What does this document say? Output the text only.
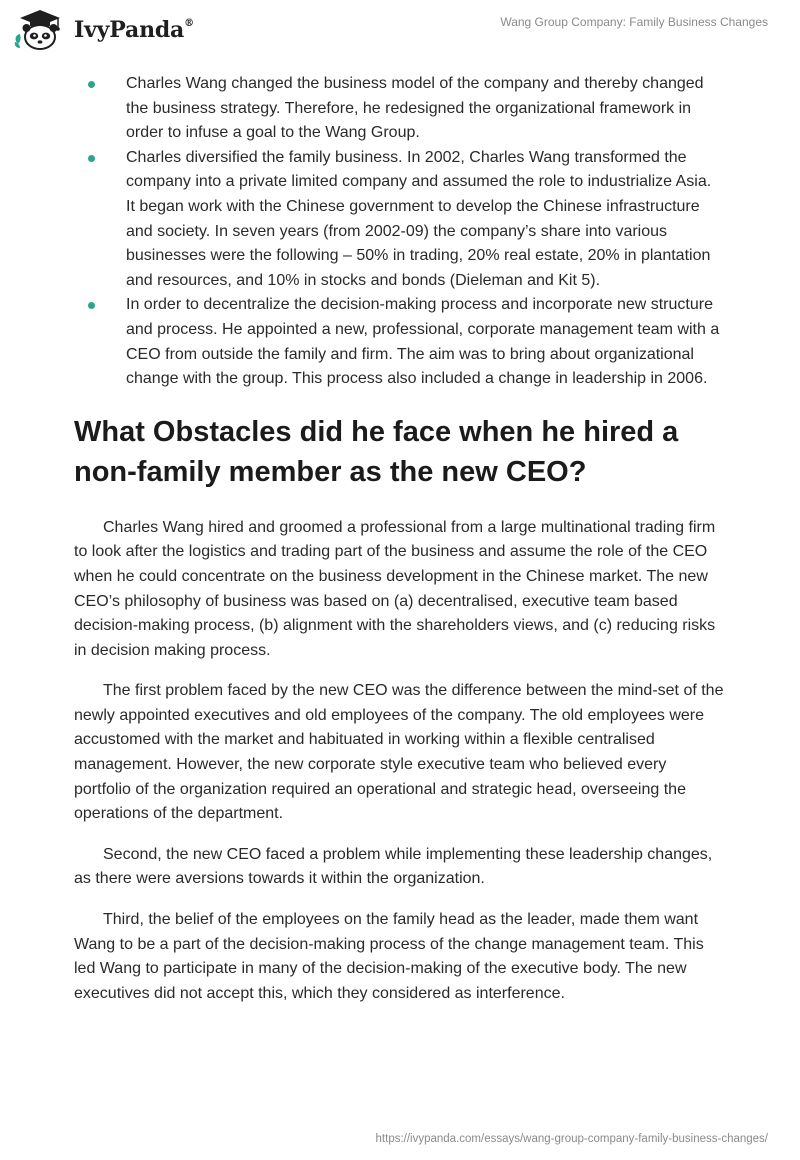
IvyPanda®	Wang Group Company: Family Business Changes
Charles Wang changed the business model of the company and thereby changed the business strategy. Therefore, he redesigned the organizational framework in order to infuse a goal to the Wang Group.
Charles diversified the family business. In 2002, Charles Wang transformed the company into a private limited company and assumed the role to industrialize Asia. It began work with the Chinese government to develop the Chinese infrastructure and society. In seven years (from 2002-09) the company’s share into various businesses were the following – 50% in trading, 20% real estate, 20% in plantation and resources, and 10% in stocks and bonds (Dieleman and Kit 5).
In order to decentralize the decision-making process and incorporate new structure and process. He appointed a new, professional, corporate management team with a CEO from outside the family and firm. The aim was to bring about organizational change with the group. This process also included a change in leadership in 2006.
What Obstacles did he face when he hired a non-family member as the new CEO?

Charles Wang hired and groomed a professional from a large multinational trading firm to look after the logistics and trading part of the business and assume the role of the CEO when he could concentrate on the business development in the Chinese market. The new CEO’s philosophy of business was based on (a) decentralised, executive team based decision-making process, (b) alignment with the shareholders views, and (c) reducing risks in decision making process.

The first problem faced by the new CEO was the difference between the mind-set of the newly appointed executives and old employees of the company. The old employees were accustomed with the market and habituated in working within a flexible centralised management. However, the new corporate style executive team who believed every portfolio of the organization required an operational and strategic head, overseeing the operations of the department.

Second, the new CEO faced a problem while implementing these leadership changes, as there were aversions towards it within the organization.

Third, the belief of the employees on the family head as the leader, made them want Wang to be a part of the decision-making process of the change management team. This led Wang to participate in many of the decision-making of the executive body. The new executives did not accept this, which they considered as interference.

https://ivypanda.com/essays/wang-group-company-family-business-changes/
